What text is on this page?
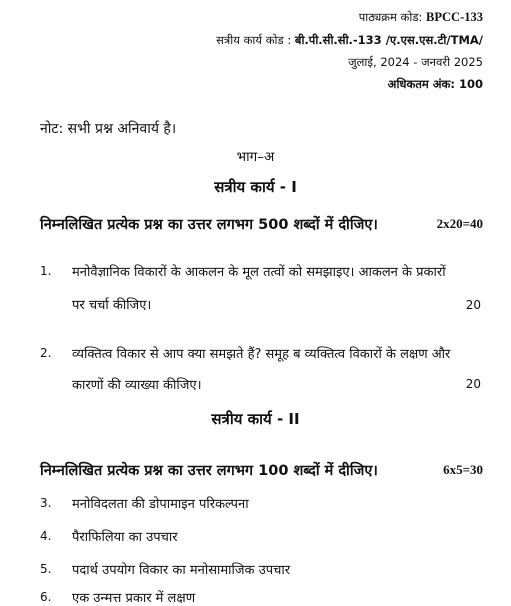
पाठ्यक्रम कोड: BPCC-133
सत्रीय कार्य कोड : बी.पी.सी.सी.-133 /ए.एस.एस.टी/TMA/
जुलाई, 2024 - जनवरी 2025
अधिकतम अंक: 100
नोट: सभी प्रश्न अनिवार्य है।
भाग–अ
सत्रीय कार्य - I
निम्नलिखित प्रत्येक प्रश्न का उत्तर लगभग 500 शब्दों में दीजिए।	2x20=40
1. मनोवैज्ञानिक विकारों के आकलन के मूल तत्वों को समझाइए। आकलन के प्रकारों
पर चर्चा कीजिए।	20
2. व्यक्तित्व विकार से आप क्या समझते हैं? समूह ब व्यक्तित्व विकारों के लक्षण और
कारणों की व्याख्या कीजिए।	20
सत्रीय कार्य - II
निम्नलिखित प्रत्येक प्रश्न का उत्तर लगभग 100 शब्दों में दीजिए।	6x5=30
3. मनोविदलता की डोपामाइन परिकल्पना
4. पैराफिलिया का उपचार
5. पदार्थ उपयोग विकार का मनोसामाजिक उपचार
6. एक उन्मत्त प्रकार में लक्षण
